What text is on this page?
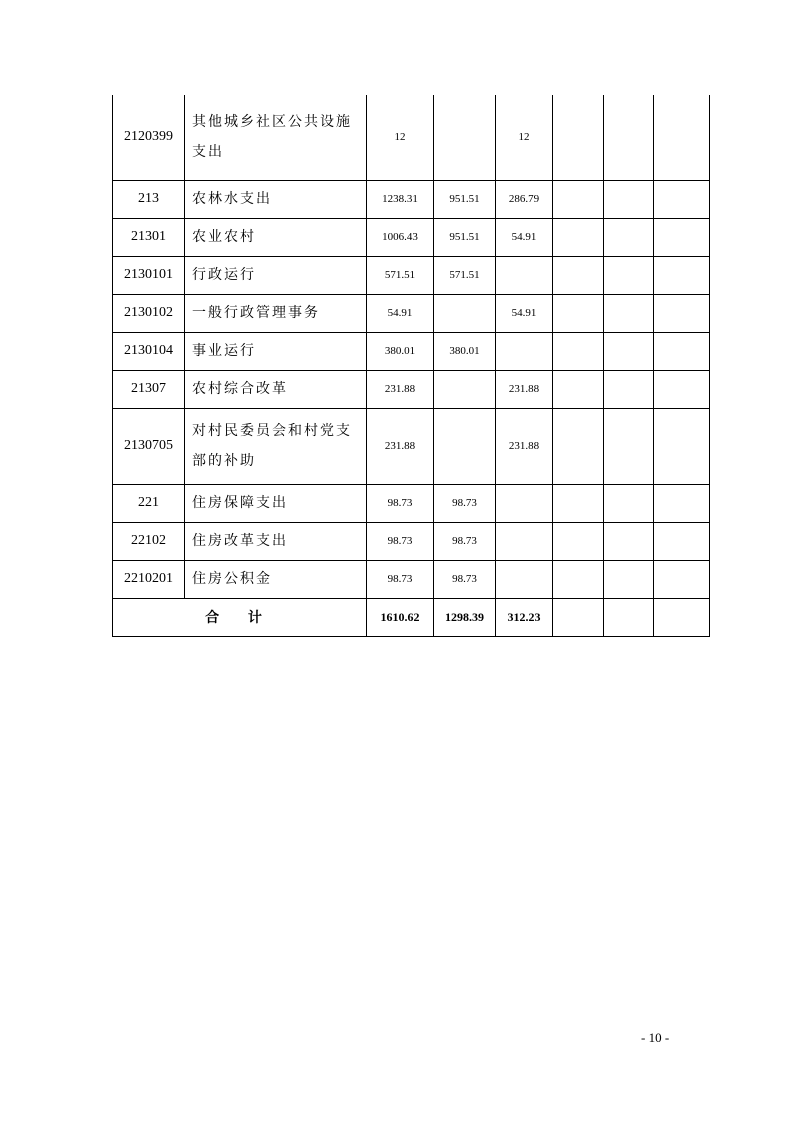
2120399	其他城乡社区公共设施支出	12		12			
213	农林水支出	1238.31	951.51	286.79			
21301	农业农村	1006.43	951.51	54.91			
2130101	行政运行	571.51	571.51				
2130102	一般行政管理事务	54.91		54.91			
2130104	事业运行	380.01	380.01				
21307	农村综合改革	231.88		231.88			
2130705	对村民委员会和村党支部的补助	231.88		231.88			
221	住房保障支出	98.73	98.73				
22102	住房改革支出	98.73	98.73				
2210201	住房公积金	98.73	98.73				
合 计		1610.62	1298.39	312.23			
- 10 -
